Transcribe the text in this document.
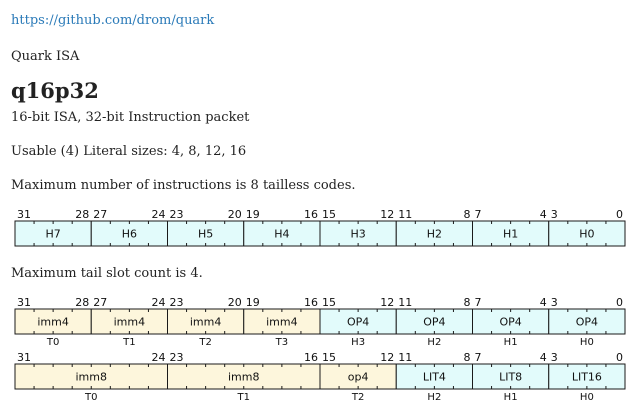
https://github.com/drom/quark
Quark ISA
q16p32
16-bit ISA, 32-bit Instruction packet
Usable (4) Literal sizes: 4, 8, 12, 16
Maximum number of instructions is 8 tailless codes.
H7
31	28
H6
27	24
H5
23	20
H4
19	16
H3
15	12
H2
11	8
H1
7	4
H0
3	0
Maximum tail slot count is 4.
imm4
31	28
T0
imm4
27	24
T1
imm4
23	20
T2
imm4
19	16
T3
OP4
15	12
H3
OP4
11	8
H2
OP4
7	4
H1
OP4
3	0
H0
imm8
31	24
T0
imm8
23	16
T1
op4
15	12
T2
LIT4
11	8
H2
LIT8
7	4
H1
LIT16
3	0
H0
